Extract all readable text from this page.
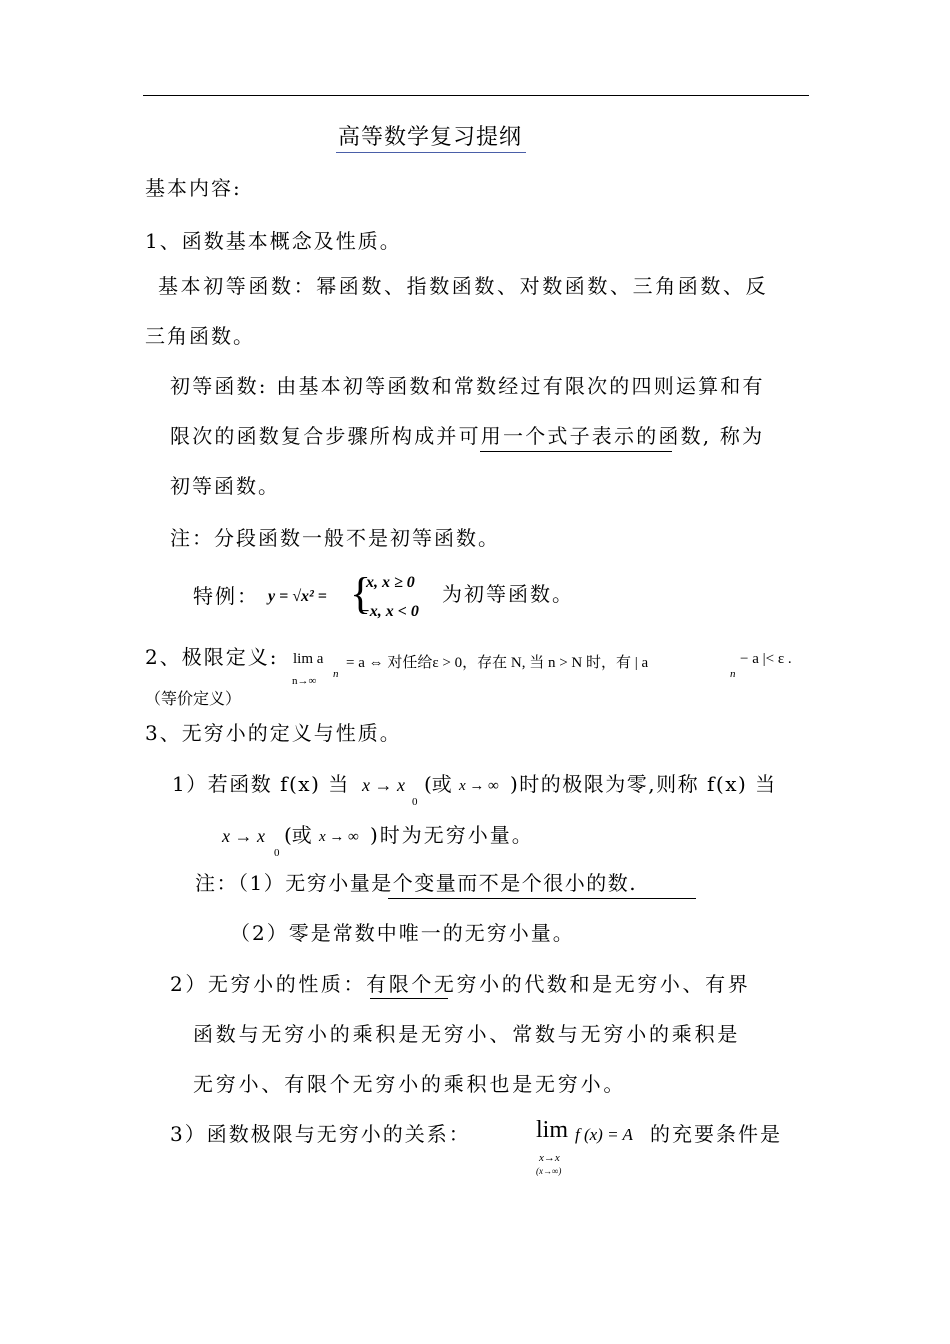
高等数学复习提纲
基本内容:
1、函数基本概念及性质。
基本初等函数：幂函数、指数函数、对数函数、三角函数、反
三角函数。
初等函数: 由基本初等函数和常数经过有限次的四则运算和有
限次的函数复合步骤所构成并可用一个式子表示的函数, 称为
初等函数。
注：分段函数一般不是初等函数。
特例： y = √x² = {
x, x ≥ 0
−x, x < 0
为初等函数。
2、极限定义: lim a
n→∞
n
= a ⇔ 对任给ε > 0，存在 N, 当 n > N 时，有 | a
n
− a |< ε .
（等价定义）
3、无穷小的定义与性质。
1）若函数 f(x) 当 x → x
0
(或 x → ∞ )时的极限为零,则称 f(x) 当
x → x
0
(或 x → ∞ )时为无穷小量。
注：（1）无穷小量是个变量而不是个很小的数.
（2）零是常数中唯一的无穷小量。
2）无穷小的性质：有限个无穷小的代数和是无穷小、有界
函数与无穷小的乘积是无穷小、常数与无穷小的乘积是
无穷小、有限个无穷小的乘积也是无穷小。
3）函数极限与无穷小的关系：	lim f (x) = A
x→x
(x→∞)
的充要条件是
